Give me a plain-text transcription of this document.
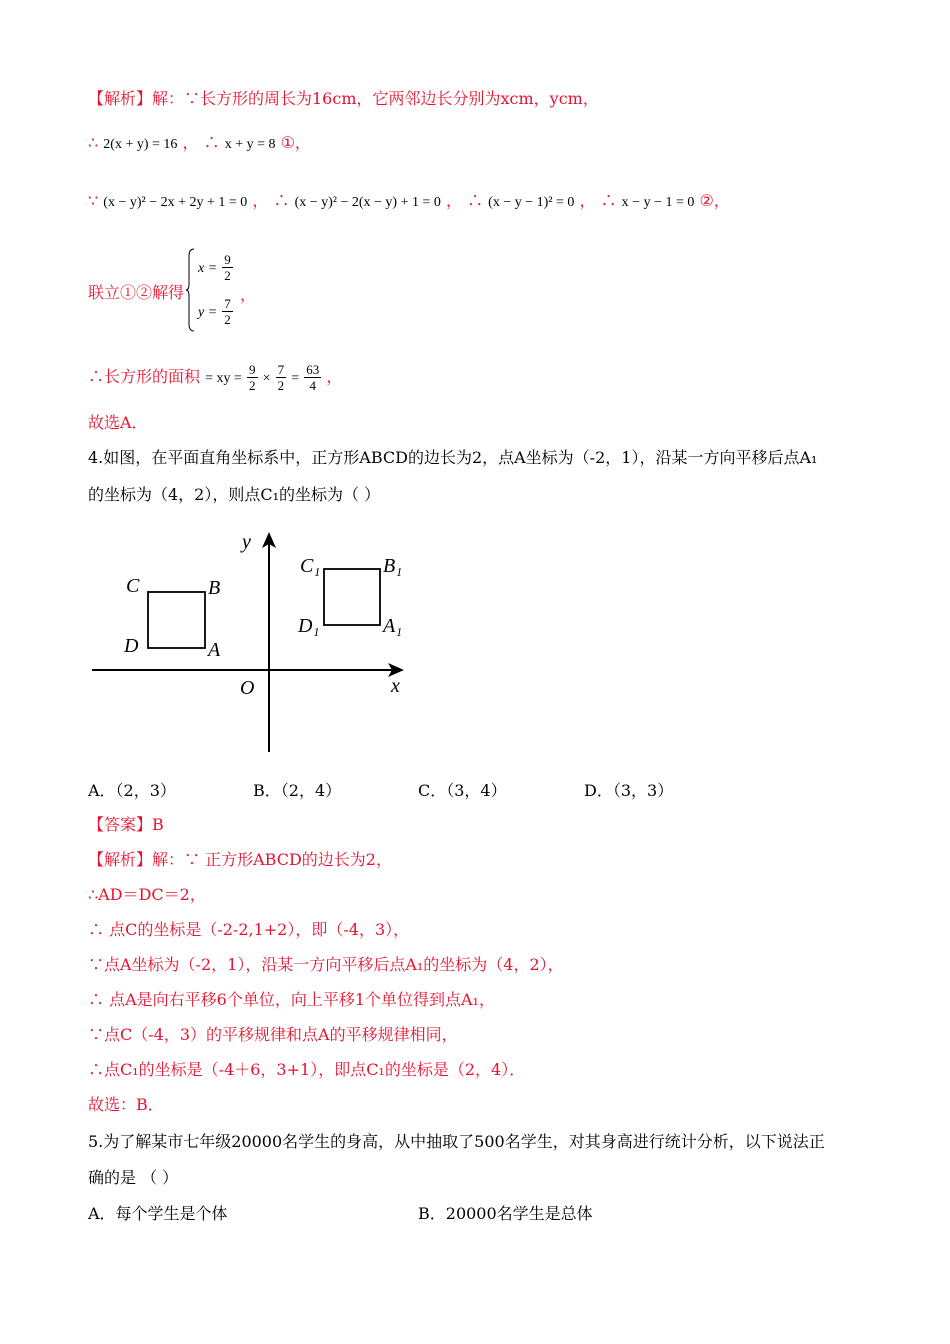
【解析】解：∵长方形的周长为16cm，它两邻边长分别为xcm，ycm，
∴ 2(x + y) = 16 ， ∴ x + y = 8 ①，
∵ (x − y)² − 2x + 2y + 1 = 0 ， ∴ (x − y)² − 2(x − y) + 1 = 0 ， ∴ (x − y − 1)² = 0 ， ∴ x − y − 1 = 0 ②，
联立①②解得
$x = \frac{9}{2}$
$y = \frac{7}{2}$
，
∴长方形的面积 = xy = $\frac{9}{2} \times \frac{7}{2} = \frac{63}{4}$ ，
故选A．
4.如图，在平面直角坐标系中，正方形ABCD的边长为2，点A坐标为（-2，1），沿某一方向平移后点A₁
的坐标为（4，2），则点C₁的坐标为（ ）
y
x
O
C	B
D	A
C₁	B₁
D₁	A₁
A．（2，3）	B．（2，4）	C．（3，4）	D．（3，3）
【答案】B
【解析】解：∵ 正方形ABCD的边长为2，
∴AD＝DC＝2，
∴ 点C的坐标是（-2-2,1+2），即（-4，3），
∵点A坐标为（-2，1），沿某一方向平移后点A₁的坐标为（4，2），
∴ 点A是向右平移6个单位，向上平移1个单位得到点A₁，
∵点C（-4，3）的平移规律和点A的平移规律相同，
∴点C₁的坐标是（-4＋6，3+1），即点C₁的坐标是（2，4）．
故选：B．
5.为了解某市七年级20000名学生的身高，从中抽取了500名学生，对其身高进行统计分析，以下说法正
确的是 （ ）
A．每个学生是个体	B．20000名学生是总体
